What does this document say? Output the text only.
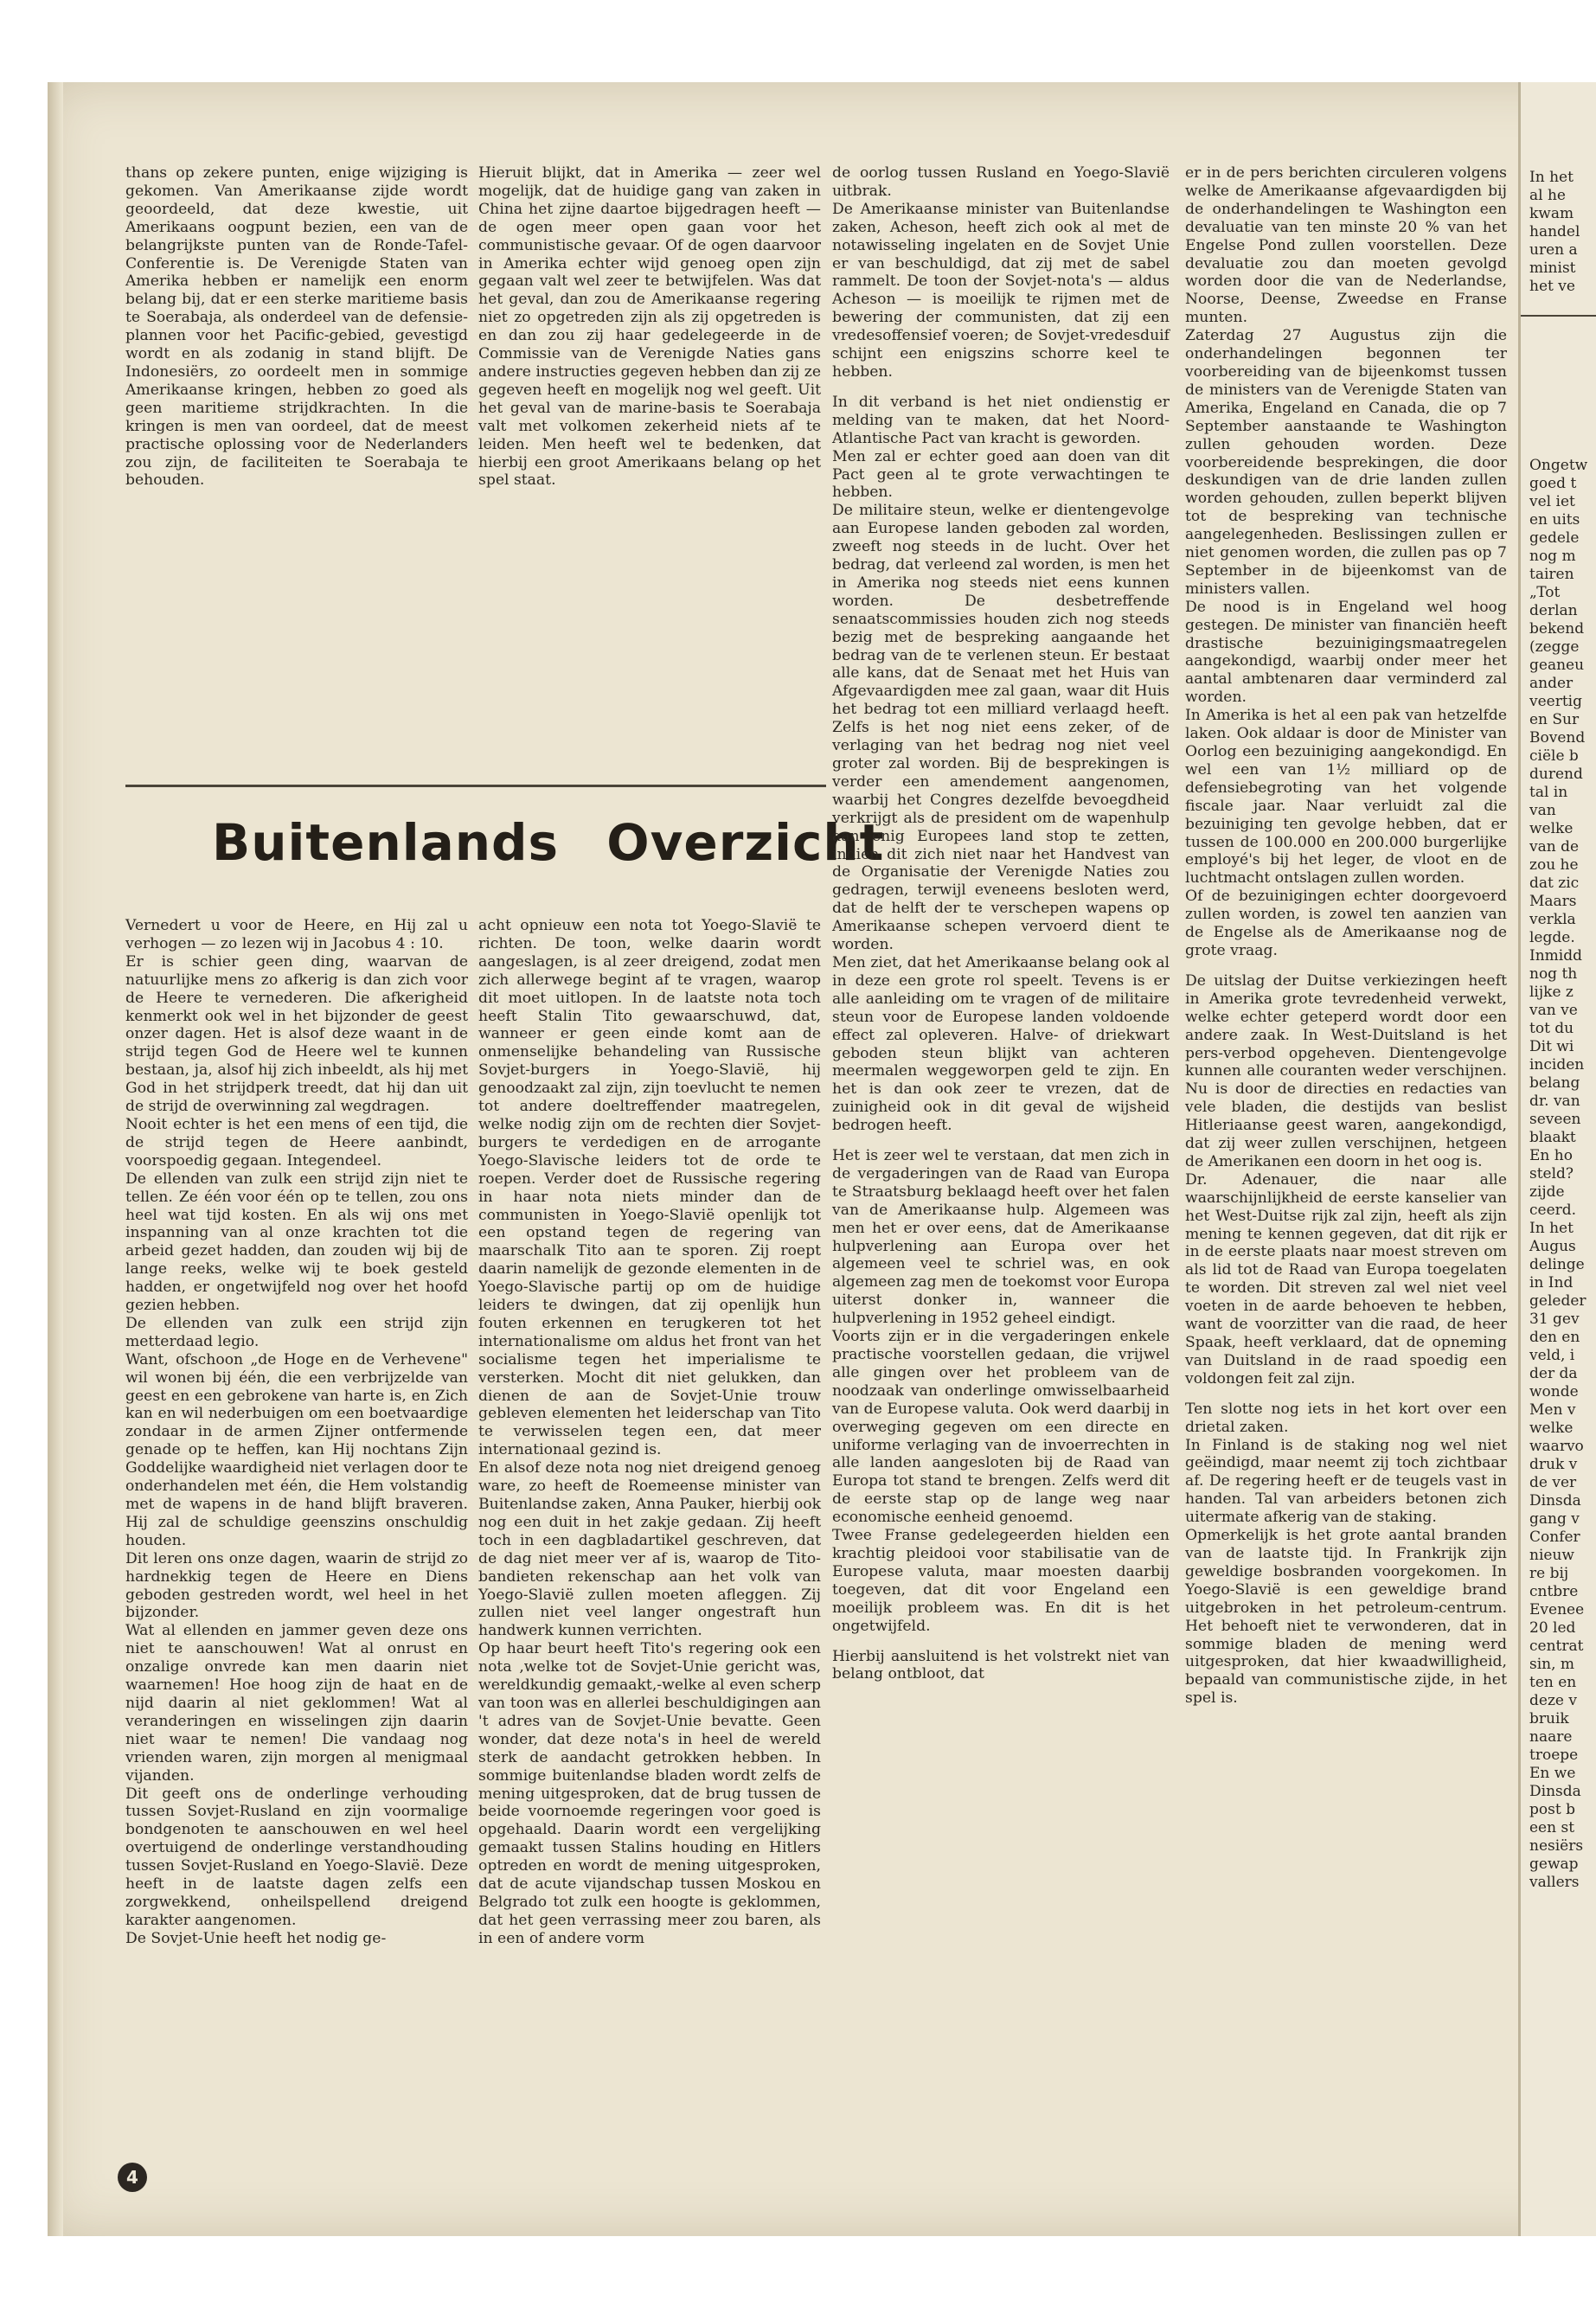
thans op zekere punten, enige wijziging is gekomen. Van Amerikaanse zijde wordt geoordeeld, dat deze kwestie, uit Amerikaans oogpunt bezien, een van de belangrijkste punten van de Ronde-Tafel-Conferentie is. De Verenigde Staten van Amerika hebben er namelijk een enorm belang bij, dat er een sterke maritieme basis te Soerabaja, als onderdeel van de defensie-plannen voor het Pacific-gebied, gevestigd wordt en als zodanig in stand blijft. De Indonesiërs, zo oordeelt men in sommige Amerikaanse kringen, hebben zo goed als geen maritieme strijdkrachten. In die kringen is men van oordeel, dat de meest practische oplossing voor de Nederlanders zou zijn, de faciliteiten te Soerabaja te behouden.

Hieruit blijkt, dat in Amerika — zeer wel mogelijk, dat de huidige gang van zaken in China het zijne daartoe bijgedragen heeft — de ogen meer open gaan voor het communistische gevaar. Of de ogen daarvoor in Amerika echter wijd genoeg open zijn gegaan valt wel zeer te betwijfelen. Was dat het geval, dan zou de Amerikaanse regering niet zo opgetreden zijn als zij opgetreden is en dan zou zij haar gedelegeerde in de Commissie van de Verenigde Naties gans andere instructies gegeven hebben dan zij ze gegeven heeft en mogelijk nog wel geeft. Uit het geval van de marine-basis te Soerabaja valt met volkomen zekerheid niets af te leiden. Men heeft wel te bedenken, dat hierbij een groot Amerikaans belang op het spel staat.

Buitenlands Overzicht

Vernedert u voor de Heere, en Hij zal u verhogen — zo lezen wij in Jacobus 4 : 10.

Er is schier geen ding, waarvan de natuurlijke mens zo afkerig is dan zich voor de Heere te vernederen. Die afkerigheid kenmerkt ook wel in het bijzonder de geest onzer dagen. Het is alsof deze waant in de strijd tegen God de Heere wel te kunnen bestaan, ja, alsof hij zich inbeeldt, als hij met God in het strijdperk treedt, dat hij dan uit de strijd de overwinning zal wegdragen.

Nooit echter is het een mens of een tijd, die de strijd tegen de Heere aanbindt, voorspoedig gegaan. Integendeel.

De ellenden van zulk een strijd zijn niet te tellen. Ze één voor één op te tellen, zou ons heel wat tijd kosten. En als wij ons met inspanning van al onze krachten tot die arbeid gezet hadden, dan zouden wij bij de lange reeks, welke wij te boek gesteld hadden, er ongetwijfeld nog over het hoofd gezien hebben.

De ellenden van zulk een strijd zijn metterdaad legio.

Want, ofschoon „de Hoge en de Verhevene" wil wonen bij één, die een verbrijzelde van geest en een gebrokene van harte is, en Zich kan en wil nederbuigen om een boetvaardige zondaar in de armen Zijner ontfermende genade op te heffen, kan Hij nochtans Zijn Goddelijke waardigheid niet verlagen door te onderhandelen met één, die Hem volstandig met de wapens in de hand blijft braveren. Hij zal de schuldige geenszins onschuldig houden.

Dit leren ons onze dagen, waarin de strijd zo hardnekkig tegen de Heere en Diens geboden gestreden wordt, wel heel in het bijzonder.

Wat al ellenden en jammer geven deze ons niet te aanschouwen! Wat al onrust en onzalige onvrede kan men daarin niet waarnemen! Hoe hoog zijn de haat en de nijd daarin al niet geklommen! Wat al veranderingen en wisselingen zijn daarin niet waar te nemen! Die vandaag nog vrienden waren, zijn morgen al menigmaal vijanden.

Dit geeft ons de onderlinge verhouding tussen Sovjet-Rusland en zijn voormalige bondgenoten te aanschouwen en wel heel overtuigend de onderlinge verstandhouding tussen Sovjet-Rusland en Yoego-Slavië. Deze heeft in de laatste dagen zelfs een zorgwekkend, onheilspellend dreigend karakter aangenomen.

De Sovjet-Unie heeft het nodig ge-

acht opnieuw een nota tot Yoego-Slavië te richten. De toon, welke daarin wordt aangeslagen, is al zeer dreigend, zodat men zich allerwege begint af te vragen, waarop dit moet uitlopen. In de laatste nota toch heeft Stalin Tito gewaarschuwd, dat, wanneer er geen einde komt aan de onmenselijke behandeling van Russische Sovjet-burgers in Yoego-Slavië, hij genoodzaakt zal zijn, zijn toevlucht te nemen tot andere doeltreffender maatregelen, welke nodig zijn om de rechten dier Sovjet-burgers te verdedigen en de arrogante Yoego-Slavische leiders tot de orde te roepen. Verder doet de Russische regering in haar nota niets minder dan de communisten in Yoego-Slavië openlijk tot een opstand tegen de regering van maarschalk Tito aan te sporen. Zij roept daarin namelijk de gezonde elementen in de Yoego-Slavische partij op om de huidige leiders te dwingen, dat zij openlijk hun fouten erkennen en terugkeren tot het internationalisme om aldus het front van het socialisme tegen het imperialisme te versterken. Mocht dit niet gelukken, dan dienen de aan de Sovjet-Unie trouw gebleven elementen het leiderschap van Tito te verwisselen tegen een, dat meer internationaal gezind is.

En alsof deze nota nog niet dreigend genoeg ware, zo heeft de Roemeense minister van Buitenlandse zaken, Anna Pauker, hierbij ook nog een duit in het zakje gedaan. Zij heeft toch in een dagbladartikel geschreven, dat de dag niet meer ver af is, waarop de Tito-bandieten rekenschap aan het volk van Yoego-Slavië zullen moeten afleggen. Zij zullen niet veel langer ongestraft hun handwerk kunnen verrichten.

Op haar beurt heeft Tito's regering ook een nota ,welke tot de Sovjet-Unie gericht was, wereldkundig gemaakt,-welke al even scherp van toon was en allerlei beschuldigingen aan 't adres van de Sovjet-Unie bevatte. Geen wonder, dat deze nota's in heel de wereld sterk de aandacht getrokken hebben. In sommige buitenlandse bladen wordt zelfs de mening uitgesproken, dat de brug tussen de beide voornoemde regeringen voor goed is opgehaald. Daarin wordt een vergelijking gemaakt tussen Stalins houding en Hitlers optreden en wordt de mening uitgesproken, dat de acute vijandschap tussen Moskou en Belgrado tot zulk een hoogte is geklommen, dat het geen verrassing meer zou baren, als in een of andere vorm

de oorlog tussen Rusland en Yoego-Slavië uitbrak.

De Amerikaanse minister van Buitenlandse zaken, Acheson, heeft zich ook al met de notawisseling ingelaten en de Sovjet Unie er van beschuldigd, dat zij met de sabel rammelt. De toon der Sovjet-nota's — aldus Acheson — is moeilijk te rijmen met de bewering der communisten, dat zij een vredesoffensief voeren; de Sovjet-vredesduif schijnt een enigszins schorre keel te hebben.

In dit verband is het niet ondienstig er melding van te maken, dat het Noord-Atlantische Pact van kracht is geworden.

Men zal er echter goed aan doen van dit Pact geen al te grote verwachtingen te hebben.

De militaire steun, welke er dientengevolge aan Europese landen geboden zal worden, zweeft nog steeds in de lucht. Over het bedrag, dat verleend zal worden, is men het in Amerika nog steeds niet eens kunnen worden. De desbetreffende senaatscommissies houden zich nog steeds bezig met de bespreking aangaande het bedrag van de te verlenen steun. Er bestaat alle kans, dat de Senaat met het Huis van Afgevaardigden mee zal gaan, waar dit Huis het bedrag tot een milliard verlaagd heeft. Zelfs is het nog niet eens zeker, of de verlaging van het bedrag nog niet veel groter zal worden. Bij de besprekingen is verder een amendement aangenomen, waarbij het Congres dezelfde bevoegdheid verkrijgt als de president om de wapenhulp aan enig Europees land stop te zetten, indien dit zich niet naar het Handvest van de Organisatie der Verenigde Naties zou gedragen, terwijl eveneens besloten werd, dat de helft der te verschepen wapens op Amerikaanse schepen vervoerd dient te worden.

Men ziet, dat het Amerikaanse belang ook al in deze een grote rol speelt. Tevens is er alle aanleiding om te vragen of de militaire steun voor de Europese landen voldoende effect zal opleveren. Halve- of driekwart geboden steun blijkt van achteren meermalen weggeworpen geld te zijn. En het is dan ook zeer te vrezen, dat de zuinigheid ook in dit geval de wijsheid bedrogen heeft.

Het is zeer wel te verstaan, dat men zich in de vergaderingen van de Raad van Europa te Straatsburg beklaagd heeft over het falen van de Amerikaanse hulp. Algemeen was men het er over eens, dat de Amerikaanse hulpverlening aan Europa over het algemeen veel te schriel was, en ook algemeen zag men de toekomst voor Europa uiterst donker in, wanneer die hulpverlening in 1952 geheel eindigt.

Voorts zijn er in die vergaderingen enkele practische voorstellen gedaan, die vrijwel alle gingen over het probleem van de noodzaak van onderlinge omwisselbaarheid van de Europese valuta. Ook werd daarbij in overweging gegeven om een directe en uniforme verlaging van de invoerrechten in alle landen aangesloten bij de Raad van Europa tot stand te brengen. Zelfs werd dit de eerste stap op de lange weg naar economische eenheid genoemd.

Twee Franse gedelegeerden hielden een krachtig pleidooi voor stabilisatie van de Europese valuta, maar moesten daarbij toegeven, dat dit voor Engeland een moeilijk probleem was. En dit is het ongetwijfeld.

Hierbij aansluitend is het volstrekt niet van belang ontbloot, dat

er in de pers berichten circuleren volgens welke de Amerikaanse afgevaardigden bij de onderhandelingen te Washington een devaluatie van ten minste 20 % van het Engelse Pond zullen voorstellen. Deze devaluatie zou dan moeten gevolgd worden door die van de Nederlandse, Noorse, Deense, Zweedse en Franse munten.

Zaterdag 27 Augustus zijn die onderhandelingen begonnen ter voorbereiding van de bijeenkomst tussen de ministers van de Verenigde Staten van Amerika, Engeland en Canada, die op 7 September aanstaande te Washington zullen gehouden worden. Deze voorbereidende besprekingen, die door deskundigen van de drie landen zullen worden gehouden, zullen beperkt blijven tot de bespreking van technische aangelegenheden. Beslissingen zullen er niet genomen worden, die zullen pas op 7 September in de bijeenkomst van de ministers vallen.

De nood is in Engeland wel hoog gestegen. De minister van financiën heeft drastische bezuinigingsmaatregelen aangekondigd, waarbij onder meer het aantal ambtenaren daar verminderd zal worden.

In Amerika is het al een pak van hetzelfde laken. Ook aldaar is door de Minister van Oorlog een bezuiniging aangekondigd. En wel een van 1½ milliard op de defensiebegroting van het volgende fiscale jaar. Naar verluidt zal die bezuiniging ten gevolge hebben, dat er tussen de 100.000 en 200.000 burgerlijke employé's bij het leger, de vloot en de luchtmacht ontslagen zullen worden.

Of de bezuinigingen echter doorgevoerd zullen worden, is zowel ten aanzien van de Engelse als de Amerikaanse nog de grote vraag.

De uitslag der Duitse verkiezingen heeft in Amerika grote tevredenheid verwekt, welke echter geteperd wordt door een andere zaak. In West-Duitsland is het pers-verbod opgeheven. Dientengevolge kunnen alle couranten weder verschijnen. Nu is door de directies en redacties van vele bladen, die destijds van beslist Hitleriaanse geest waren, aangekondigd, dat zij weer zullen verschijnen, hetgeen de Amerikanen een doorn in het oog is.

Dr. Adenauer, die naar alle waarschijnlijkheid de eerste kanselier van het West-Duitse rijk zal zijn, heeft als zijn mening te kennen gegeven, dat dit rijk er in de eerste plaats naar moest streven om als lid tot de Raad van Europa toegelaten te worden. Dit streven zal wel niet veel voeten in de aarde behoeven te hebben, want de voorzitter van die raad, de heer Spaak, heeft verklaard, dat de opneming van Duitsland in de raad spoedig een voldongen feit zal zijn.

Ten slotte nog iets in het kort over een drietal zaken.

In Finland is de staking nog wel niet geëindigd, maar neemt zij toch zichtbaar af. De regering heeft er de teugels vast in handen. Tal van arbeiders betonen zich uitermate afkerig van de staking.

Opmerkelijk is het grote aantal branden van de laatste tijd. In Frankrijk zijn geweldige bosbranden voorgekomen. In Yoego-Slavië is een geweldige brand uitgebroken in het petroleum-centrum. Het behoeft niet te verwonderen, dat in sommige bladen de mening werd uitgesproken, dat hier kwaadwilligheid, bepaald van communistische zijde, in het spel is.

In het
al he
kwam
handel
uren a
minist
het ve
Ongetw
goed t
vel iet
en uits
gedele
nog m
tairen
„Tot
derlan
bekend
(zegge
geaneu
ander
veertig
en Sur
Bovend
ciële b
durend
tal in
van
welke
van de
zou he
dat zic
Maars
verkla
legde.
Inmidd
nog th
lijke z
van ve
tot du
Dit wi
inciden
belang
dr. van
seveen
blaakt
En ho
steld?
zijde
ceerd.
In het
Augus
delinge
in Ind
geleder
31 gev
den en
veld, i
der da
wonde
Men v
welke
waarvo
druk v
de ver
Dinsda
gang v
Confer
nieuw
re bij
cntbre
Evenee
20 led
centrat
sin, m
ten en
deze v
bruik
naare
troepe
En we
Dinsda
post b
een st
nesiërs
gewap
vallers
4
